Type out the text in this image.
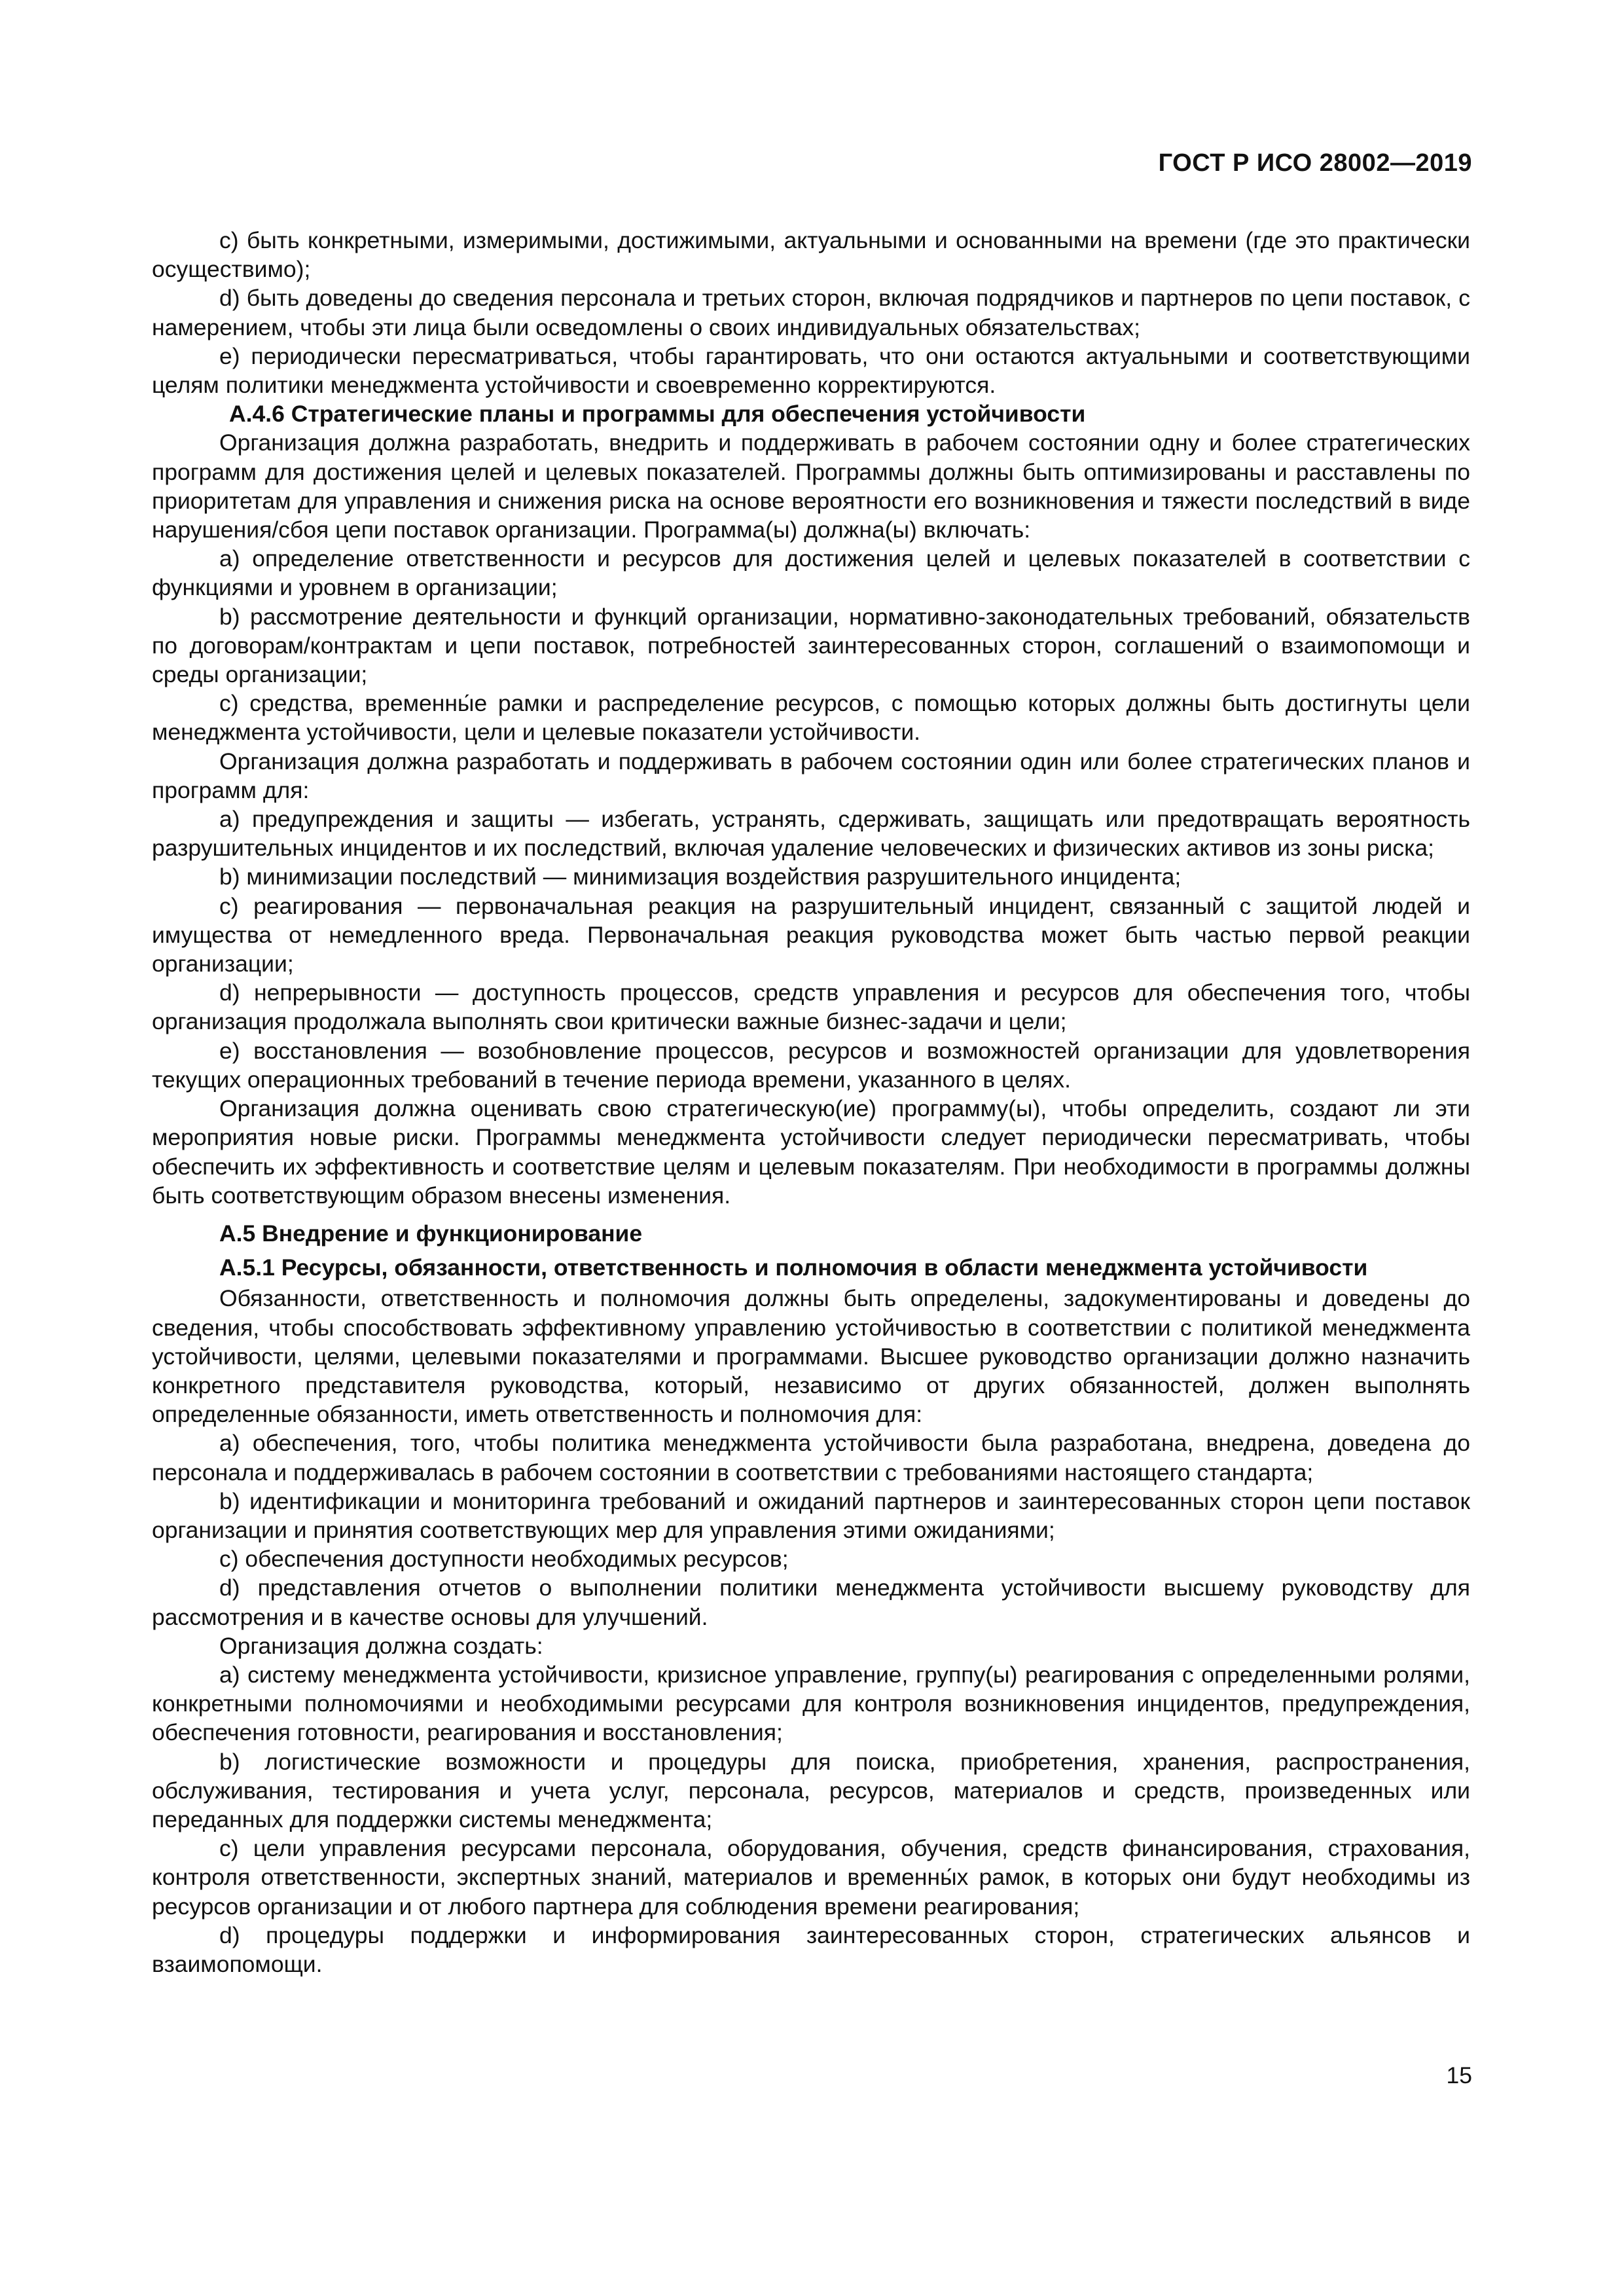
ГОСТ Р ИСО 28002—2019

c) быть конкретными, измеримыми, достижимыми, актуальными и основанными на времени (где это практически осуществимо);

d) быть доведены до сведения персонала и третьих сторон, включая подрядчиков и партнеров по цепи поставок, с намерением, чтобы эти лица были осведомлены о своих индивидуальных обязательствах;

e) периодически пересматриваться, чтобы гарантировать, что они остаются актуальными и соответствующими целям политики менеджмента устойчивости и своевременно корректируются.

А.4.6 Стратегические планы и программы для обеспечения устойчивости

Организация должна разработать, внедрить и поддерживать в рабочем состоянии одну и более стратегических программ для достижения целей и целевых показателей. Программы должны быть оптимизированы и расставлены по приоритетам для управления и снижения риска на основе вероятности его возникновения и тяжести последствий в виде нарушения/сбоя цепи поставок организации. Программа(ы) должна(ы) включать:

a) определение ответственности и ресурсов для достижения целей и целевых показателей в соответствии с функциями и уровнем в организации;

b) рассмотрение деятельности и функций организации, нормативно-законодательных требований, обязательств по договорам/контрактам и цепи поставок, потребностей заинтересованных сторон, соглашений о взаимопомощи и среды организации;

c) средства, временны́е рамки и распределение ресурсов, с помощью которых должны быть достигнуты цели менеджмента устойчивости, цели и целевые показатели устойчивости.

Организация должна разработать и поддерживать в рабочем состоянии один или более стратегических планов и программ для:

a) предупреждения и защиты — избегать, устранять, сдерживать, защищать или предотвращать вероятность разрушительных инцидентов и их последствий, включая удаление человеческих и физических активов из зоны риска;

b) минимизации последствий — минимизация воздействия разрушительного инцидента;

c) реагирования — первоначальная реакция на разрушительный инцидент, связанный с защитой людей и имущества от немедленного вреда. Первоначальная реакция руководства может быть частью первой реакции организации;

d) непрерывности — доступность процессов, средств управления и ресурсов для обеспечения того, чтобы организация продолжала выполнять свои критически важные бизнес-задачи и цели;

e) восстановления — возобновление процессов, ресурсов и возможностей организации для удовлетворения текущих операционных требований в течение периода времени, указанного в целях.

Организация должна оценивать свою стратегическую(ие) программу(ы), чтобы определить, создают ли эти мероприятия новые риски. Программы менеджмента устойчивости следует периодически пересматривать, чтобы обеспечить их эффективность и соответствие целям и целевым показателям. При необходимости в программы должны быть соответствующим образом внесены изменения.

А.5 Внедрение и функционирование

А.5.1 Ресурсы, обязанности, ответственность и полномочия в области менеджмента устойчивости

Обязанности, ответственность и полномочия должны быть определены, задокументированы и доведены до сведения, чтобы способствовать эффективному управлению устойчивостью в соответствии с политикой менеджмента устойчивости, целями, целевыми показателями и программами. Высшее руководство организации должно назначить конкретного представителя руководства, который, независимо от других обязанностей, должен выполнять определенные обязанности, иметь ответственность и полномочия для:

a) обеспечения, того, чтобы политика менеджмента устойчивости была разработана, внедрена, доведена до персонала и поддерживалась в рабочем состоянии в соответствии с требованиями настоящего стандарта;

b) идентификации и мониторинга требований и ожиданий партнеров и заинтересованных сторон цепи поставок организации и принятия соответствующих мер для управления этими ожиданиями;

c) обеспечения доступности необходимых ресурсов;

d) представления отчетов о выполнении политики менеджмента устойчивости высшему руководству для рассмотрения и в качестве основы для улучшений.

Организация должна создать:

a) систему менеджмента устойчивости, кризисное управление, группу(ы) реагирования с определенными ролями, конкретными полномочиями и необходимыми ресурсами для контроля возникновения инцидентов, предупреждения, обеспечения готовности, реагирования и восстановления;

b) логистические возможности и процедуры для поиска, приобретения, хранения, распространения, обслуживания, тестирования и учета услуг, персонала, ресурсов, материалов и средств, произведенных или переданных для поддержки системы менеджмента;

c) цели управления ресурсами персонала, оборудования, обучения, средств финансирования, страхования, контроля ответственности, экспертных знаний, материалов и временны́х рамок, в которых они будут необходимы из ресурсов организации и от любого партнера для соблюдения времени реагирования;

d) процедуры поддержки и информирования заинтересованных сторон, стратегических альянсов и взаимопомощи.

15
